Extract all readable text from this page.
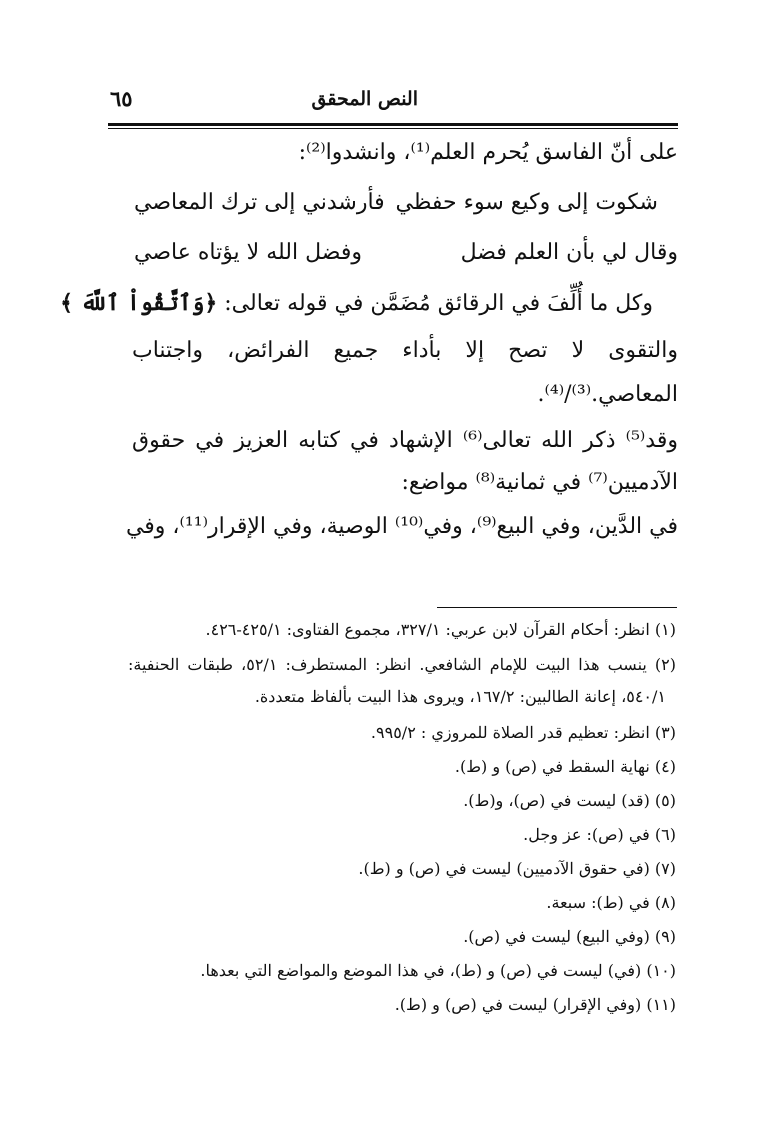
النص المحقق
٦٥
على أنّ الفاسق يُحرم العلم⁽¹⁾، وانشدوا⁽²⁾:
شكوت إلى وكيع سوء حفظي
فأرشدني إلى ترك المعاصي
وقال لي بأن العلم فضل
وفضل الله لا يؤتاه عاصي
وكل ما أُلِّفَ في الرقائق مُضَمَّن في قوله تعالى: ﴿وَٱتَّقُواْ ٱللَّهَ ﴾
والتقوى لا تصح إلا بأداء جميع الفرائض، واجتناب
المعاصي.⁽³⁾/⁽⁴⁾.
وقد⁽⁵⁾ ذكر الله تعالى⁽⁶⁾ الإشهاد في كتابه العزيز في حقوق
الآدميين⁽⁷⁾ في ثمانية⁽⁸⁾ مواضع:
في الدَّين، وفي البيع⁽⁹⁾، وفي⁽¹⁰⁾ الوصية، وفي الإقرار⁽¹¹⁾، وفي
(١) انظر: أحكام القرآن لابن عربي: ٣٢٧/١، مجموع الفتاوى: ٤٢٥/١-٤٢٦.
(٢) ينسب هذا البيت للإمام الشافعي. انظر: المستطرف: ٥٢/١، طبقات الحنفية:
٥٤٠/١، إعانة الطالبين: ١٦٧/٢، ويروى هذا البيت بألفاظ متعددة.
(٣) انظر: تعظيم قدر الصلاة للمروزي : ٩٩٥/٢.
(٤) نهاية السقط في (ص) و (ط).
(٥) (قد) ليست في (ص)، و(ط).
(٦) في (ص): عز وجل.
(٧) (في حقوق الآدميين) ليست في (ص) و (ط).
(٨) في (ط): سبعة.
(٩) (وفي البيع) ليست في (ص).
(١٠) (في) ليست في (ص) و (ط)، في هذا الموضع والمواضع التي بعدها.
(١١) (وفي الإقرار) ليست في (ص) و (ط).
